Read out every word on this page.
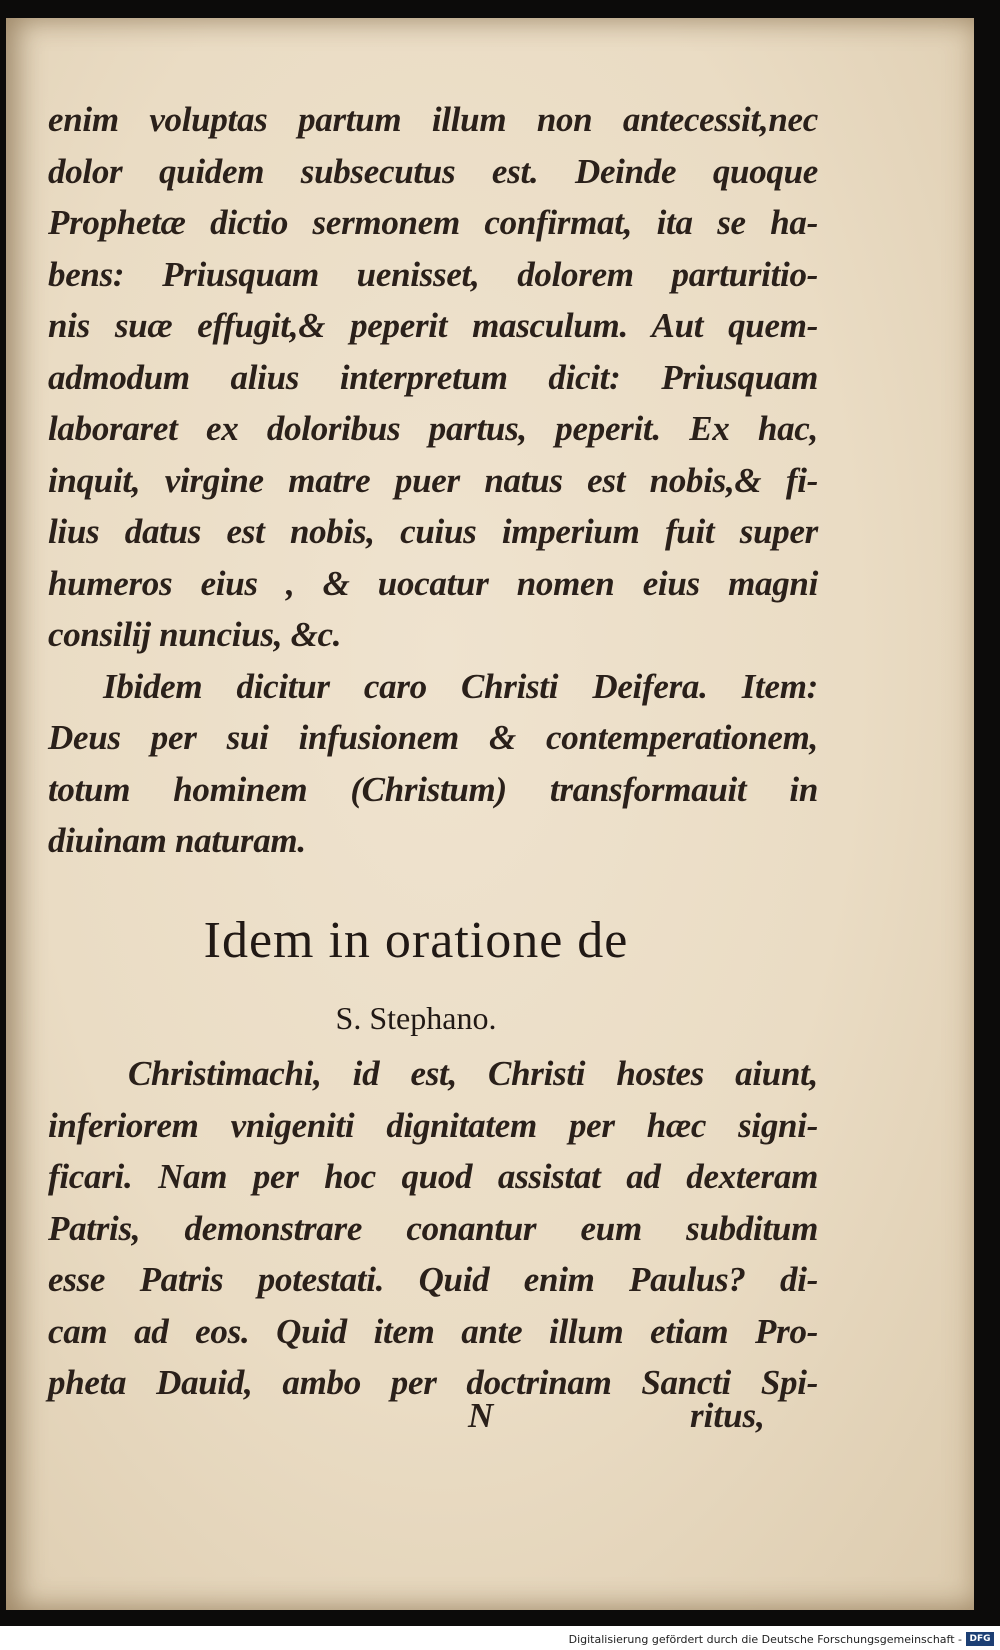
enim voluptas partum illum non antecessit,nec
dolor quidem subsecutus est. Deinde quoque
Prophetæ dictio sermonem confirmat, ita se ha-
bens: Priusquam uenisset, dolorem parturitio-
nis suæ effugit,& peperit masculum. Aut quem-
admodum alius interpretum dicit: Priusquam
laboraret ex doloribus partus, peperit. Ex hac,
inquit, virgine matre puer natus est nobis,& fi-
lius datus est nobis, cuius imperium fuit super
humeros eius , & uocatur nomen eius magni
consilij nuncius, &c.
Ibidem dicitur caro Christi Deifera. Item:
Deus per sui infusionem & contemperationem,
totum hominem (Christum) transformauit in
diuinam naturam.
Idem in oratione de
S. Stephano.
Christimachi, id est, Christi hostes aiunt,
inferiorem vnigeniti dignitatem per hæc signi-
ficari. Nam per hoc quod assistat ad dexteram
Patris, demonstrare conantur eum subditum
esse Patris potestati. Quid enim Paulus? di-
cam ad eos. Quid item ante illum etiam Pro-
pheta Dauid, ambo per doctrinam Sancti Spi-
N	ritus,
Digitalisierung gefördert durch die Deutsche Forschungsgemeinschaft - DFG
